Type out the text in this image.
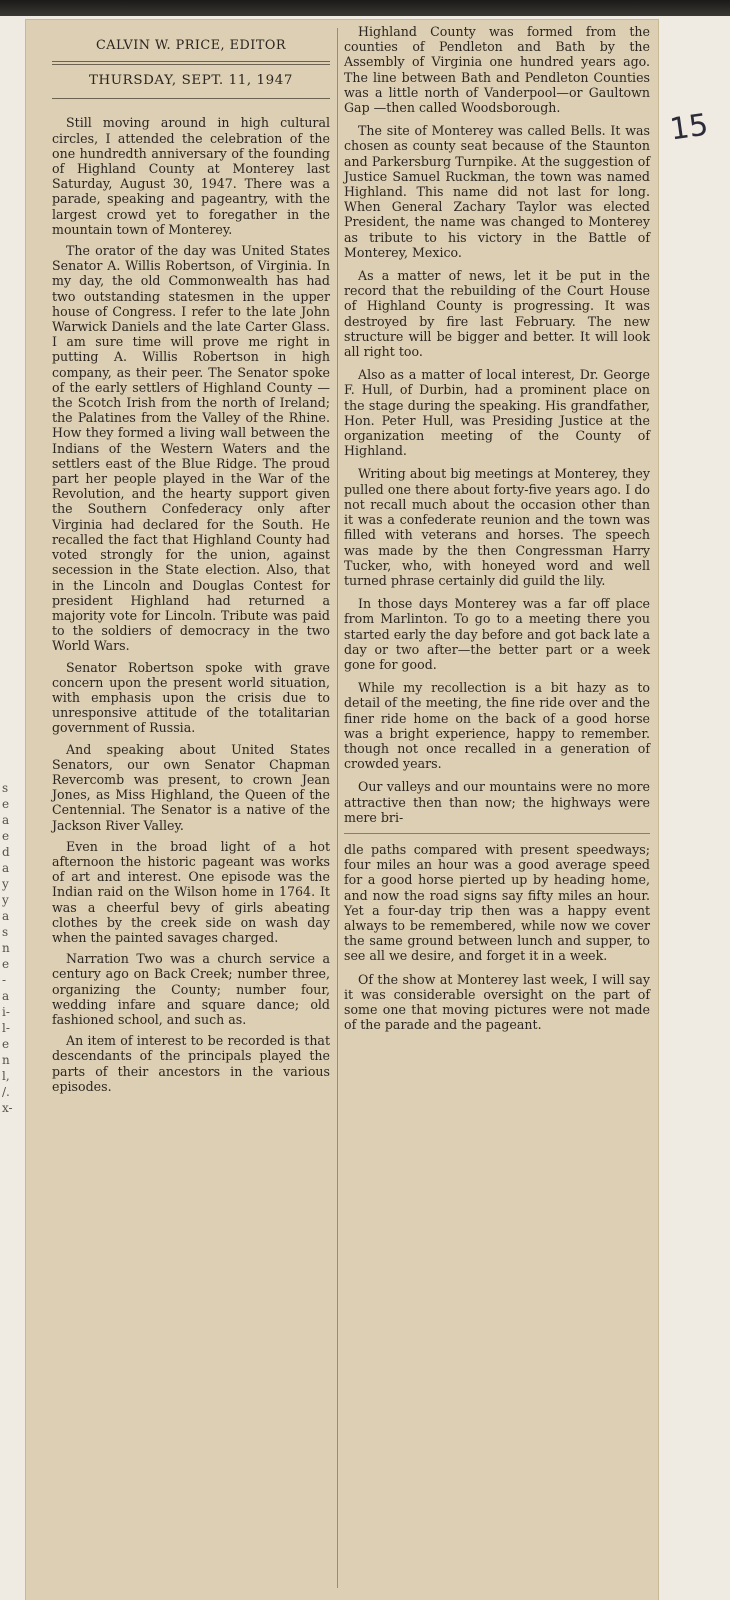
s
e
a
e
d
a
y
y
a
s
n
e
-
a
i-
l-
e
n
l,
/.
x-
CALVIN W. PRICE, EDITOR
THURSDAY, SEPT. 11, 1947

Still moving around in high cultural circles, I attended the celebration of the one hundredth anniversary of the founding of Highland County at Monterey last Saturday, August 30, 1947. There was a parade, speaking and pageantry, with the largest crowd yet to foregather in the mountain town of Monterey.

The orator of the day was United States Senator A. Willis Robertson, of Virginia. In my day, the old Commonwealth has had two outstanding statesmen in the upper house of Congress. I refer to the late John Warwick Daniels and the late Carter Glass. I am sure time will prove me right in putting A. Willis Robertson in high company, as their peer. The Senator spoke of the early settlers of Highland County —the Scotch Irish from the north of Ireland; the Palatines from the Valley of the Rhine. How they formed a living wall between the Indians of the Western Waters and the settlers east of the Blue Ridge. The proud part her people played in the War of the Revolution, and the hearty support given the Southern Confederacy only after Virginia had declared for the South. He recalled the fact that Highland County had voted strongly for the union, against secession in the State election. Also, that in the Lincoln and Douglas Contest for president Highland had returned a majority vote for Lincoln. Tribute was paid to the soldiers of democracy in the two World Wars.

Senator Robertson spoke with grave concern upon the present world situation, with emphasis upon the crisis due to unresponsive attitude of the totalitarian government of Russia.

And speaking about United States Senators, our own Senator Chapman Revercomb was present, to crown Jean Jones, as Miss Highland, the Queen of the Centennial. The Senator is a native of the Jackson River Valley.

Even in the broad light of a hot afternoon the historic pageant was works of art and interest. One episode was the Indian raid on the Wilson home in 1764. It was a cheerful bevy of girls abeating clothes by the creek side on wash day when the painted savages charged.

Narration Two was a church service a century ago on Back Creek; number three, organizing the County; number four, wedding infare and square dance; old fashioned school, and such as.

An item of interest to be recorded is that descendants of the principals played the parts of their ancestors in the various episodes.

Highland County was formed from the counties of Pendleton and Bath by the Assembly of Virginia one hundred years ago. The line between Bath and Pendleton Counties was a little north of Vanderpool—or Gaultown Gap —then called Woodsborough.

The site of Monterey was called Bells. It was chosen as county seat because of the Staunton and Parkersburg Turnpike. At the suggestion of Justice Samuel Ruckman, the town was named Highland. This name did not last for long. When General Zachary Taylor was elected President, the name was changed to Monterey as tribute to his victory in the Battle of Monterey, Mexico.

As a matter of news, let it be put in the record that the rebuilding of the Court House of Highland County is progressing. It was destroyed by fire last February. The new structure will be bigger and better. It will look all right too.

Also as a matter of local interest, Dr. George F. Hull, of Durbin, had a prominent place on the stage during the speaking. His grandfather, Hon. Peter Hull, was Presiding Justice at the organization meeting of the County of Highland.

Writing about big meetings at Monterey, they pulled one there about forty-five years ago. I do not recall much about the occasion other than it was a confederate reunion and the town was filled with veterans and horses. The speech was made by the then Congressman Harry Tucker, who, with honeyed word and well turned phrase certainly did guild the lily.

In those days Monterey was a far off place from Marlinton. To go to a meeting there you started early the day before and got back late a day or two after—the better part or a week gone for good.

While my recollection is a bit hazy as to detail of the meeting, the fine ride over and the finer ride home on the back of a good horse was a bright experience, happy to remember. though not once recalled in a generation of crowded years.

Our valleys and our mountains were no more attractive then than now; the highways were mere bri-

dle paths compared with present speedways; four miles an hour was a good average speed for a good horse pierted up by heading home, and now the road signs say fifty miles an hour. Yet a four-day trip then was a happy event always to be remembered, while now we cover the same ground between lunch and supper, to see all we desire, and forget it in a week.

Of the show at Monterey last week, I will say it was considerable oversight on the part of some one that moving pictures were not made of the parade and the pageant.

15
